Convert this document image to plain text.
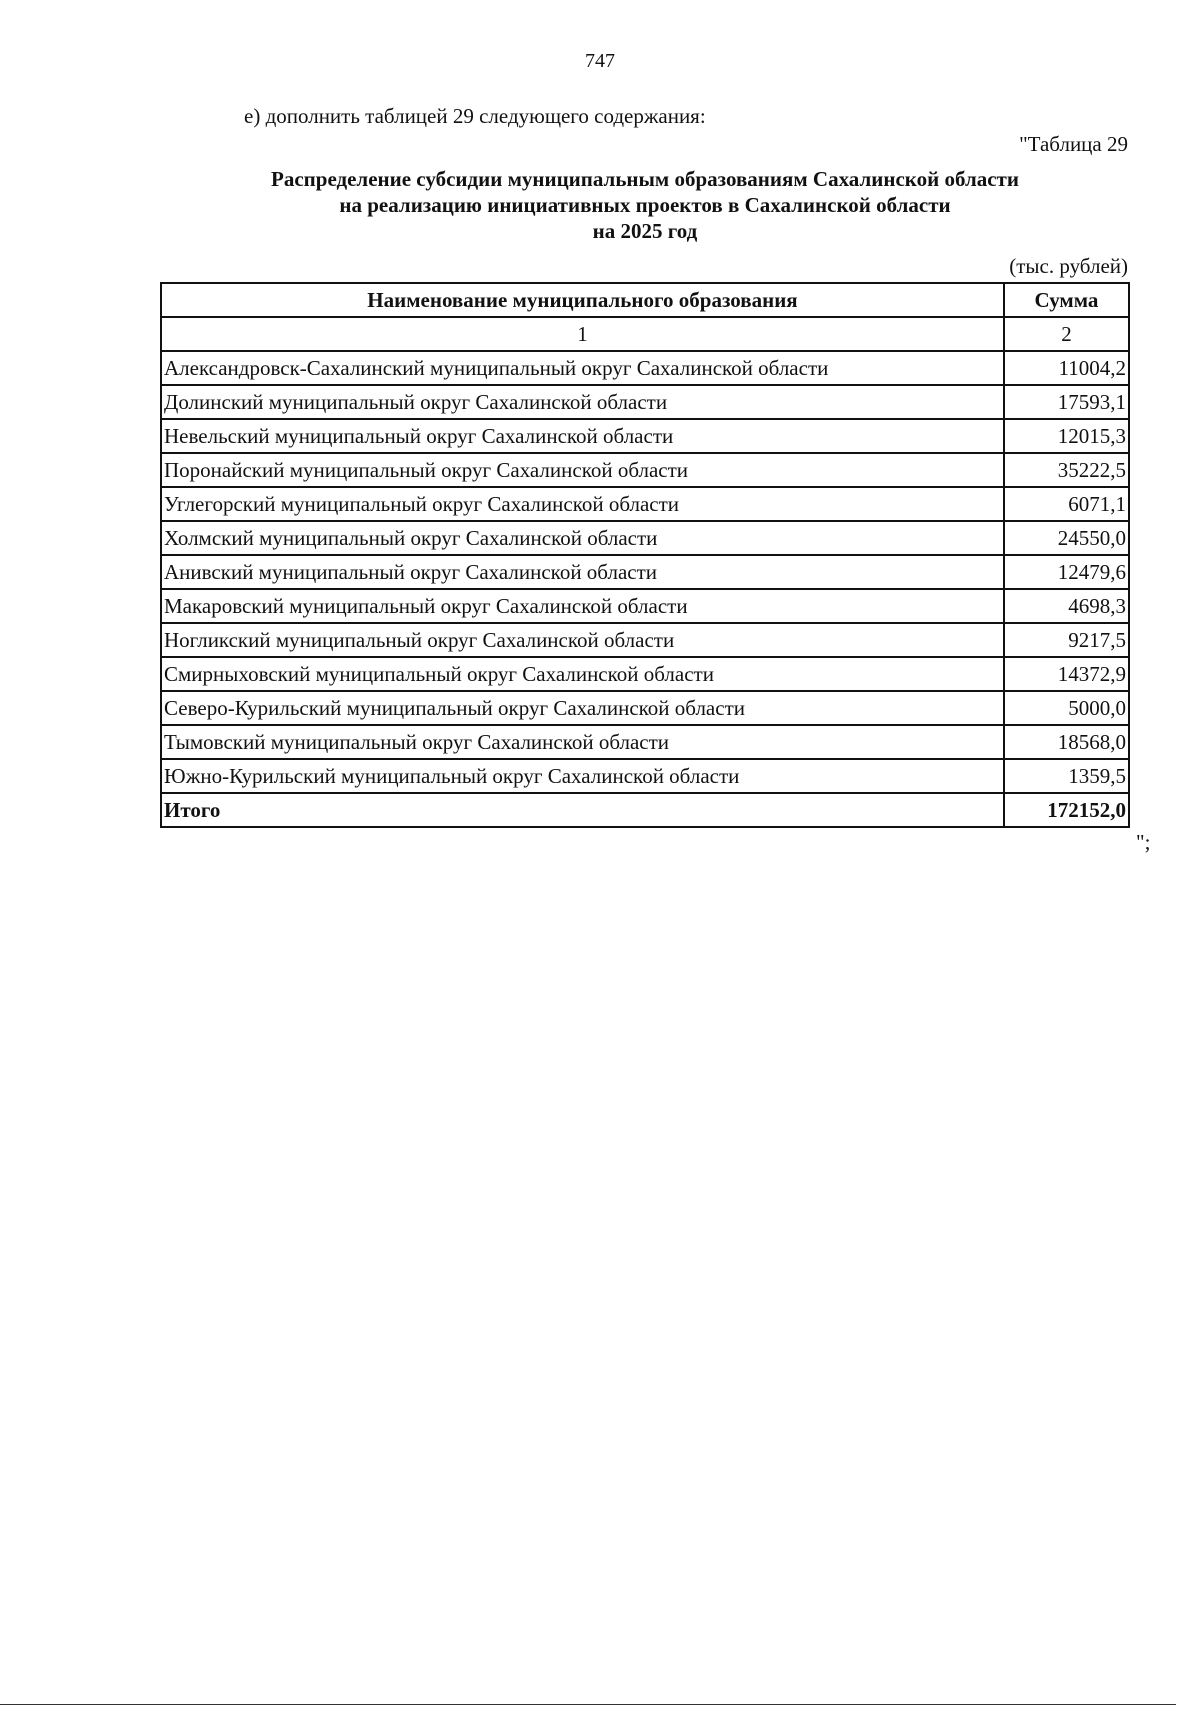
747
е) дополнить таблицей 29 следующего содержания:
"Таблица 29
Распределение субсидии муниципальным образованиям Сахалинской области
на реализацию инициативных проектов в Сахалинской области
на 2025 год
(тыс. рублей)
Наименование муниципального образования	Сумма
1	2
Александровск-Сахалинский муниципальный округ Сахалинской области	11004,2
Долинский муниципальный округ Сахалинской области	17593,1
Невельский муниципальный округ Сахалинской области	12015,3
Поронайский муниципальный округ Сахалинской области	35222,5
Углегорский муниципальный округ Сахалинской области	6071,1
Холмский муниципальный округ Сахалинской области	24550,0
Анивский муниципальный округ Сахалинской области	12479,6
Макаровский муниципальный округ Сахалинской области	4698,3
Ногликский муниципальный округ Сахалинской области	9217,5
Смирныховский муниципальный округ Сахалинской области	14372,9
Северо-Курильский муниципальный округ Сахалинской области	5000,0
Тымовский муниципальный округ Сахалинской области	18568,0
Южно-Курильский муниципальный округ Сахалинской области	1359,5
Итого	172152,0
";
